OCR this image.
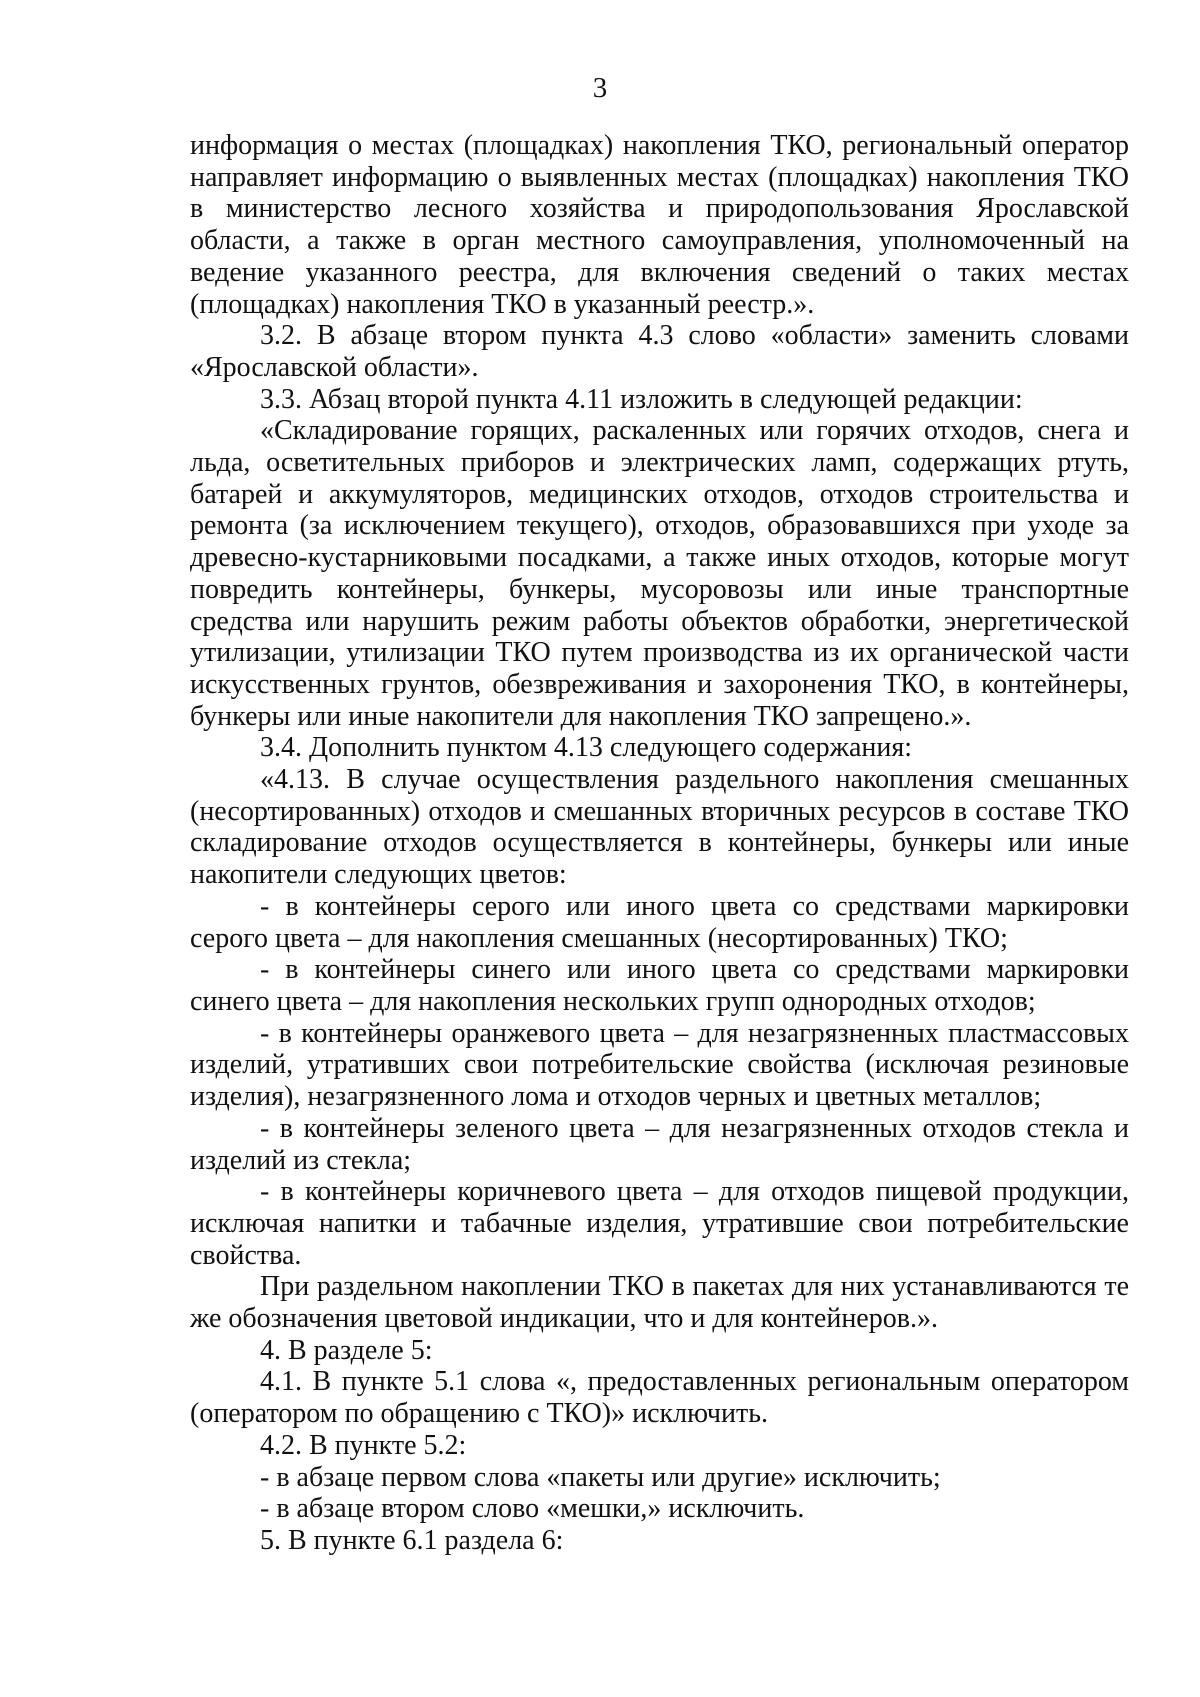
3

информация о местах (площадках) накопления ТКО, региональный оператор направляет информацию о выявленных местах (площадках) накопления ТКО в министерство лесного хозяйства и природопользования Ярославской области, а также в орган местного самоуправления, уполномоченный на ведение указанного реестра, для включения сведений о таких местах (площадках) накопления ТКО в указанный реестр.».

3.2. В абзаце втором пункта 4.3 слово «области» заменить словами «Ярославской области».

3.3. Абзац второй пункта 4.11 изложить в следующей редакции:

«Складирование горящих, раскаленных или горячих отходов, снега и льда, осветительных приборов и электрических ламп, содержащих ртуть, батарей и аккумуляторов, медицинских отходов, отходов строительства и ремонта (за исключением текущего), отходов, образовавшихся при уходе за древесно-кустарниковыми посадками, а также иных отходов, которые могут повредить контейнеры, бункеры, мусоровозы или иные транспортные средства или нарушить режим работы объектов обработки, энергетической утилизации, утилизации ТКО путем производства из их органической части искусственных грунтов, обезвреживания и захоронения ТКО, в контейнеры, бункеры или иные накопители для накопления ТКО запрещено.».

3.4. Дополнить пунктом 4.13 следующего содержания:

«4.13. В случае осуществления раздельного накопления смешанных (несортированных) отходов и смешанных вторичных ресурсов в составе ТКО складирование отходов осуществляется в контейнеры, бункеры или иные накопители следующих цветов:

- в контейнеры серого или иного цвета со средствами маркировки серого цвета – для накопления смешанных (несортированных) ТКО;

- в контейнеры синего или иного цвета со средствами маркировки синего цвета – для накопления нескольких групп однородных отходов;

- в контейнеры оранжевого цвета – для незагрязненных пластмассовых изделий, утративших свои потребительские свойства (исключая резиновые изделия), незагрязненного лома и отходов черных и цветных металлов;

- в контейнеры зеленого цвета – для незагрязненных отходов стекла и изделий из стекла;

- в контейнеры коричневого цвета – для отходов пищевой продукции, исключая напитки и табачные изделия, утратившие свои потребительские свойства.

При раздельном накоплении ТКО в пакетах для них устанавливаются те же обозначения цветовой индикации, что и для контейнеров.».

4. В разделе 5:

4.1. В пункте 5.1 слова «, предоставленных региональным оператором (оператором по обращению с ТКО)» исключить.

4.2. В пункте 5.2:

- в абзаце первом слова «пакеты или другие» исключить;

- в абзаце втором слово «мешки,» исключить.

5. В пункте 6.1 раздела 6:
